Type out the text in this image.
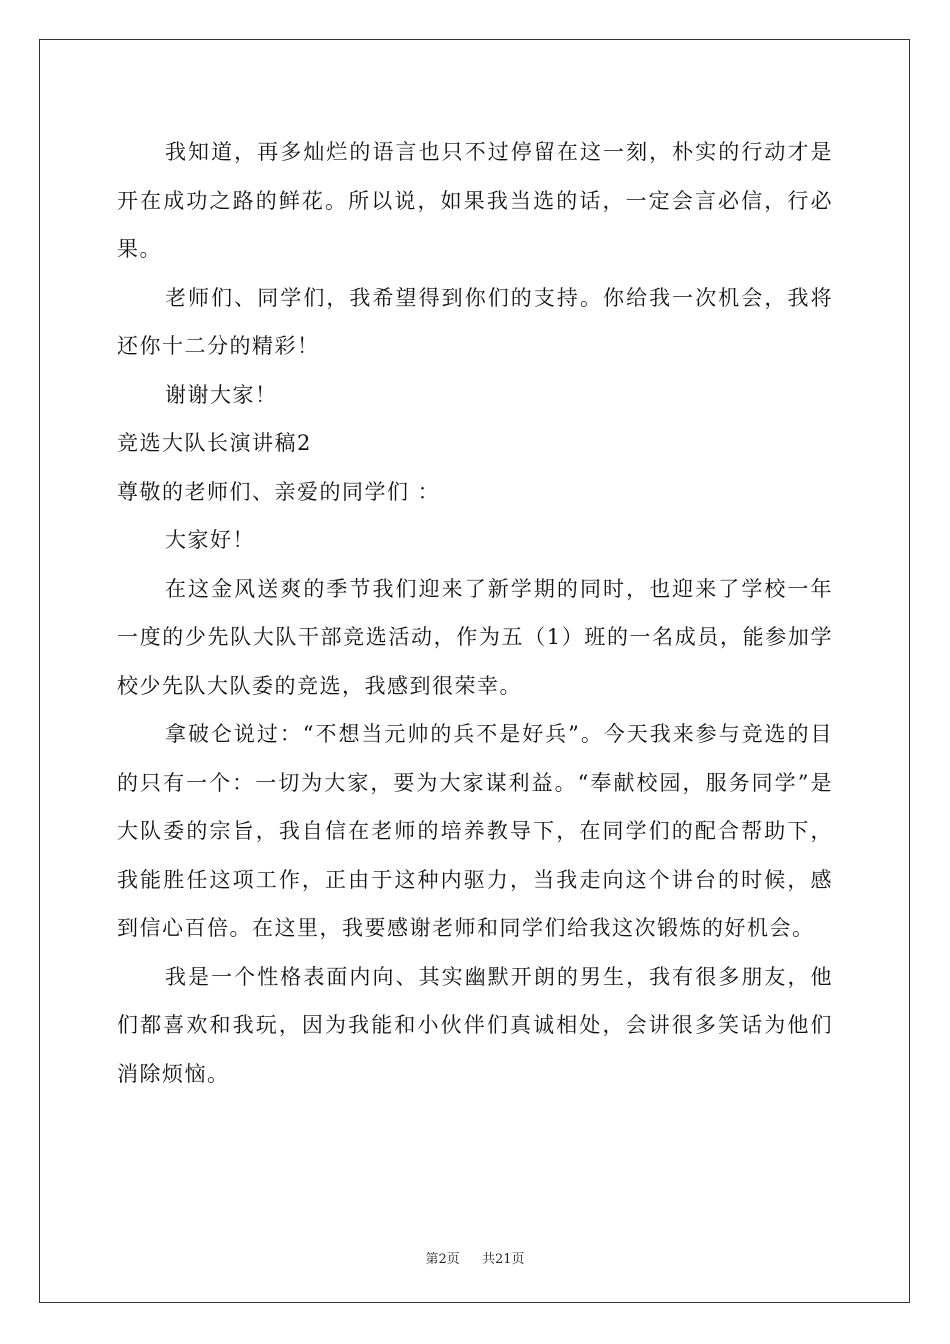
我知道，再多灿烂的语言也只不过停留在这一刻，朴实的行动才是开在成功之路的鲜花。所以说，如果我当选的话，一定会言必信，行必果。

老师们、同学们，我希望得到你们的支持。你给我一次机会，我将还你十二分的精彩！

谢谢大家！

竞选大队长演讲稿2

尊敬的老师们、亲爱的同学们 ：

大家好！

在这金风送爽的季节我们迎来了新学期的同时，也迎来了学校一年一度的少先队大队干部竞选活动，作为五（1）班的一名成员，能参加学校少先队大队委的竞选，我感到很荣幸。

拿破仑说过：“不想当元帅的兵不是好兵”。今天我来参与竞选的目的只有一个：一切为大家，要为大家谋利益。“奉献校园，服务同学”是大队委的宗旨，我自信在老师的培养教导下，在同学们的配合帮助下，我能胜任这项工作，正由于这种内驱力，当我走向这个讲台的时候，感到信心百倍。在这里，我要感谢老师和同学们给我这次锻炼的好机会。

我是一个性格表面内向、其实幽默开朗的男生，我有很多朋友，他们都喜欢和我玩，因为我能和小伙伴们真诚相处，会讲很多笑话为他们消除烦恼。

第2页 共21页
